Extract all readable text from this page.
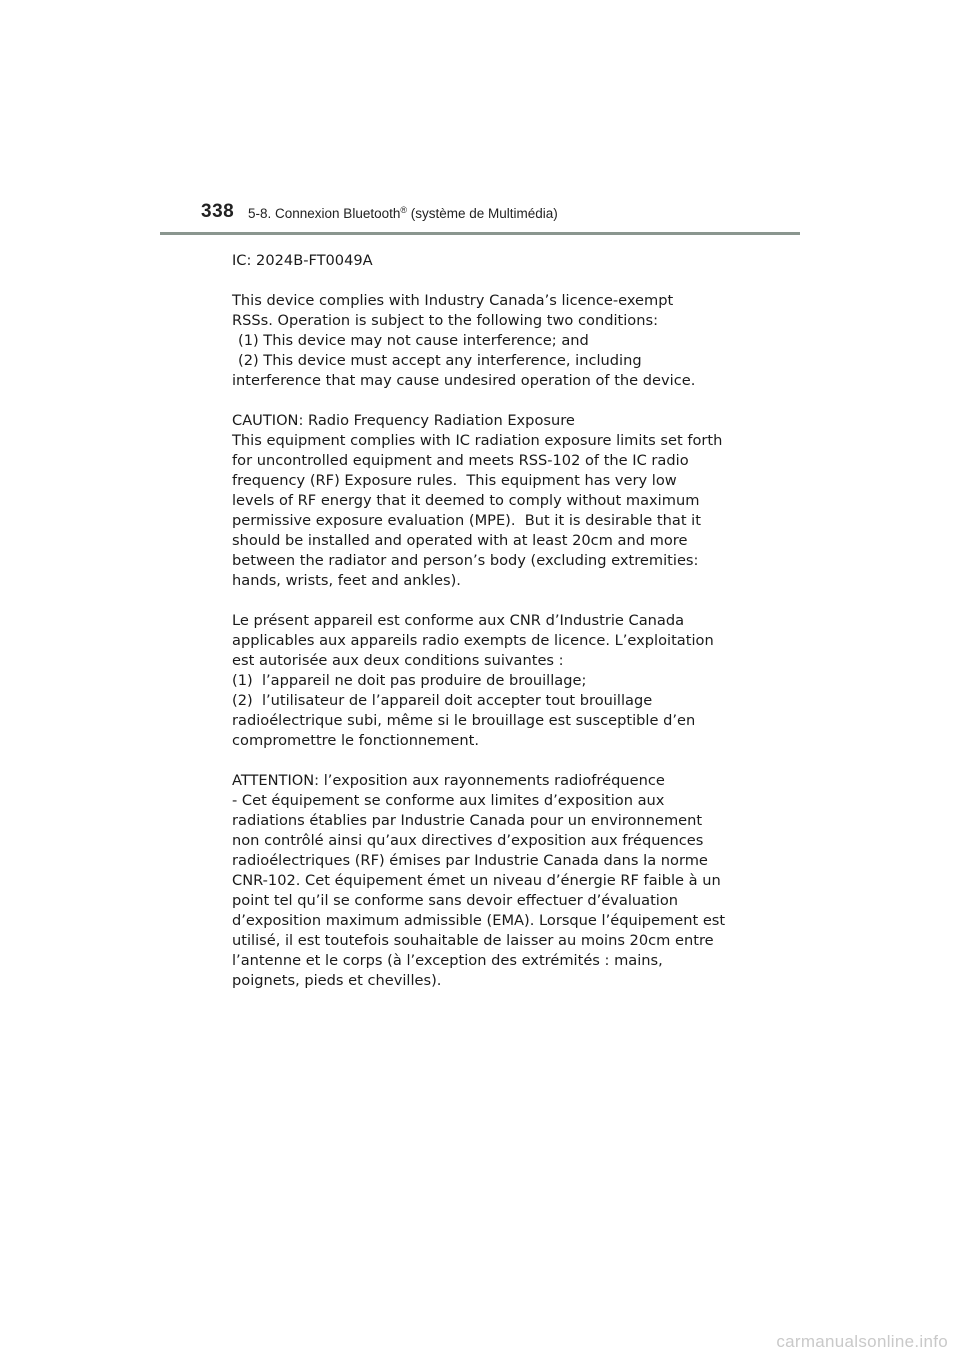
338 5-8. Connexion Bluetooth® (système de Multimédia)

IC: 2024B-FT0049A

This device complies with Industry Canada’s licence-exempt
RSSs. Operation is subject to the following two conditions:
(1) This device may not cause interference; and
(2) This device must accept any interference, including
interference that may cause undesired operation of the device.

CAUTION: Radio Frequency Radiation Exposure
This equipment complies with IC radiation exposure limits set forth
for uncontrolled equipment and meets RSS-102 of the IC radio
frequency (RF) Exposure rules.  This equipment has very low
levels of RF energy that it deemed to comply without maximum
permissive exposure evaluation (MPE).  But it is desirable that it
should be installed and operated with at least 20cm and more
between the radiator and person’s body (excluding extremities:
hands, wrists, feet and ankles).

Le présent appareil est conforme aux CNR d’Industrie Canada
applicables aux appareils radio exempts de licence. L’exploitation
est autorisée aux deux conditions suivantes :
(1)  l’appareil ne doit pas produire de brouillage;
(2)  l’utilisateur de l’appareil doit accepter tout brouillage
radioélectrique subi, même si le brouillage est susceptible d’en
compromettre le fonctionnement.

ATTENTION: l’exposition aux rayonnements radiofréquence
- Cet équipement se conforme aux limites d’exposition aux
radiations établies par Industrie Canada pour un environnement
non contrôlé ainsi qu’aux directives d’exposition aux fréquences
radioélectriques (RF) émises par Industrie Canada dans la norme
CNR-102. Cet équipement émet un niveau d’énergie RF faible à un
point tel qu’il se conforme sans devoir effectuer d’évaluation
d’exposition maximum admissible (EMA). Lorsque l’équipement est
utilisé, il est toutefois souhaitable de laisser au moins 20cm entre
l’antenne et le corps (à l’exception des extrémités : mains,
poignets, pieds et chevilles).

carmanualsonline.info
